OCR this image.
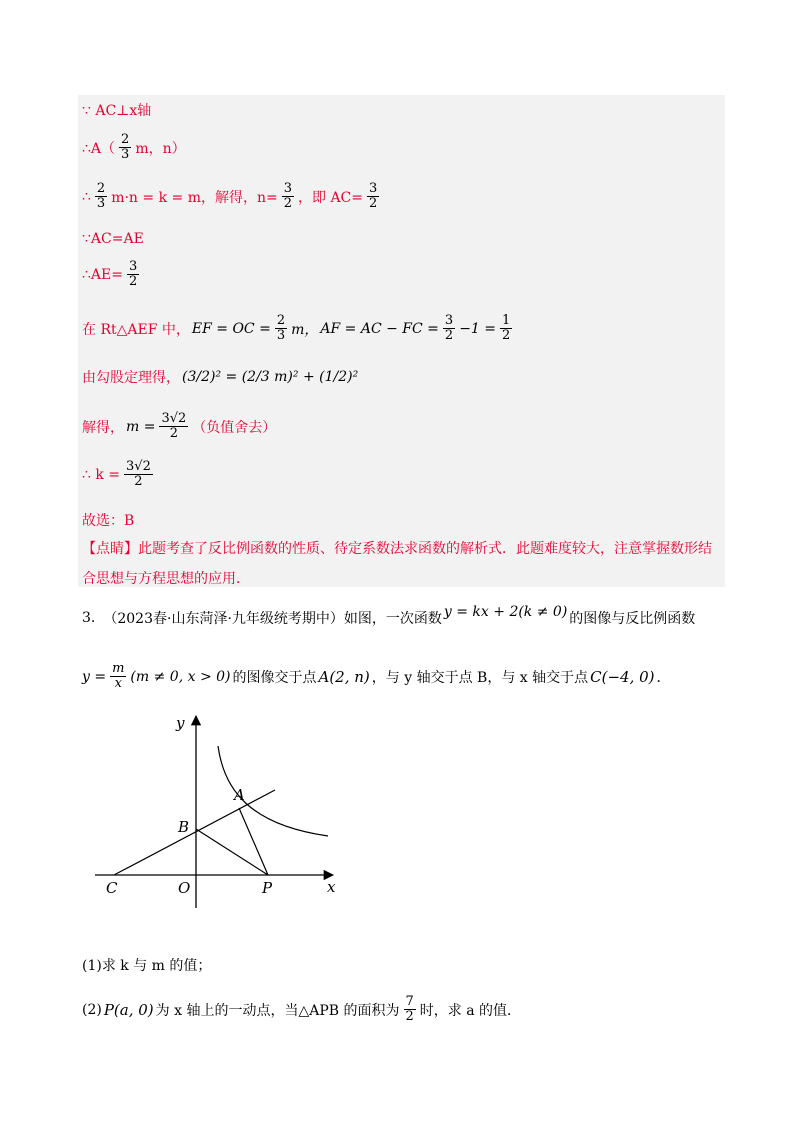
∵ AC⊥x轴
∴A（ $\frac{2}{3}$ m，n）
∴ $\frac{2}{3} m\cdot n = k = m$，解得，$n= \frac{3}{2}$ ，即 $AC= \frac{3}{2}$
∵AC=AE
∴AE= $\frac{3}{2}$
在 Rt△AEF 中， EF = OC = $\frac{2}{3}$ m， AF = AC − FC = $\frac{3}{2} -1 = \frac{1}{2}$
由勾股定理得， (3/2)² = (2/3 m)² + (1/2)²
解得， $m = \frac{3√2}{2}$ （负值舍去）
∴ $k = \frac{3√2}{2}$
故选：B
【点睛】此题考查了反比例函数的性质、待定系数法求函数的解析式．此题难度较大，注意掌握数形结
合思想与方程思想的应用．
3. （2023春·山东菏泽·九年级统考期中）如图，一次函数 y = kx + 2(k ≠ 0) 的图像与反比例函数
$y = \frac{m}{x} (m \ne 0$, x > 0) 的图像交于点 A(2, n) ，与 y 轴交于点 B，与 x 轴交于点 C(−4, 0) ．
y
x
A
B
C	O	P
(1)求 k 与 m 的值；
(2) P(a, 0) 为 x 轴上的一动点，当△APB 的面积为 $\frac{7}{2}$ 时，求 a 的值．
